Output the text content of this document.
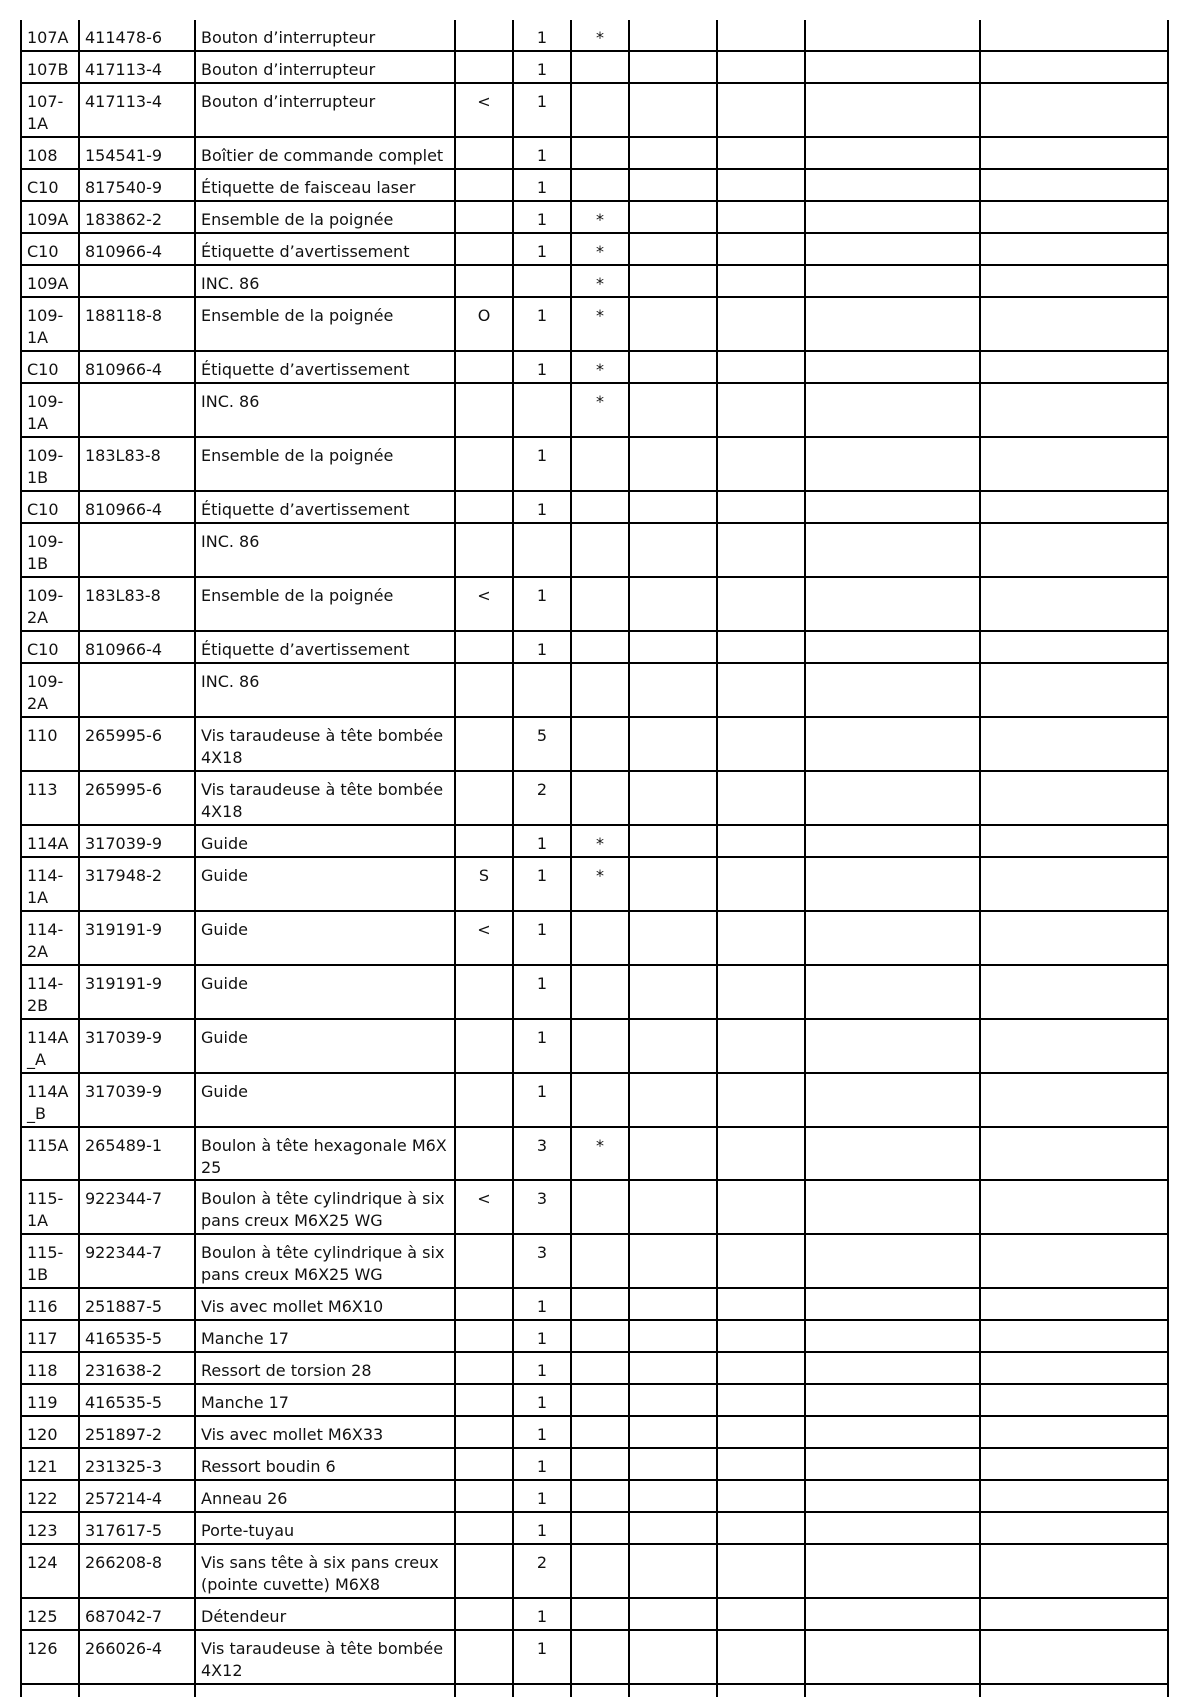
107A	411478-6	Bouton d’interrupteur		1	*				
107B	417113-4	Bouton d’interrupteur		1					
107-1A	417113-4	Bouton d’interrupteur	<	1					
108	154541-9	Boîtier de commande complet		1					
C10	817540-9	Étiquette de faisceau laser		1					
109A	183862-2	Ensemble de la poignée		1	*				
C10	810966-4	Étiquette d’avertissement		1	*				
109A		INC. 86			*				
109-1A	188118-8	Ensemble de la poignée	O	1	*				
C10	810966-4	Étiquette d’avertissement		1	*				
109-1A		INC. 86			*				
109-1B	183L83-8	Ensemble de la poignée		1					
C10	810966-4	Étiquette d’avertissement		1					
109-1B		INC. 86							
109-2A	183L83-8	Ensemble de la poignée	<	1					
C10	810966-4	Étiquette d’avertissement		1					
109-2A		INC. 86							
110	265995-6	Vis taraudeuse à tête bombée 4X18		5					
113	265995-6	Vis taraudeuse à tête bombée 4X18		2					
114A	317039-9	Guide		1	*				
114-1A	317948-2	Guide	S	1	*				
114-2A	319191-9	Guide	<	1					
114-2B	319191-9	Guide		1					
114A_A	317039-9	Guide		1					
114A_B	317039-9	Guide		1					
115A	265489-1	Boulon à tête hexagonale M6X25		3	*				
115-1A	922344-7	Boulon à tête cylindrique à six pans creux M6X25 WG	<	3					
115-1B	922344-7	Boulon à tête cylindrique à six pans creux M6X25 WG		3					
116	251887-5	Vis avec mollet M6X10		1					
117	416535-5	Manche 17		1					
118	231638-2	Ressort de torsion 28		1					
119	416535-5	Manche 17		1					
120	251897-2	Vis avec mollet M6X33		1					
121	231325-3	Ressort boudin 6		1					
122	257214-4	Anneau 26		1					
123	317617-5	Porte-tuyau		1					
124	266208-8	Vis sans tête à six pans creux (pointe cuvette) M6X8		2					
125	687042-7	Détendeur		1					
126	266026-4	Vis taraudeuse à tête bombée 4X12		1					
